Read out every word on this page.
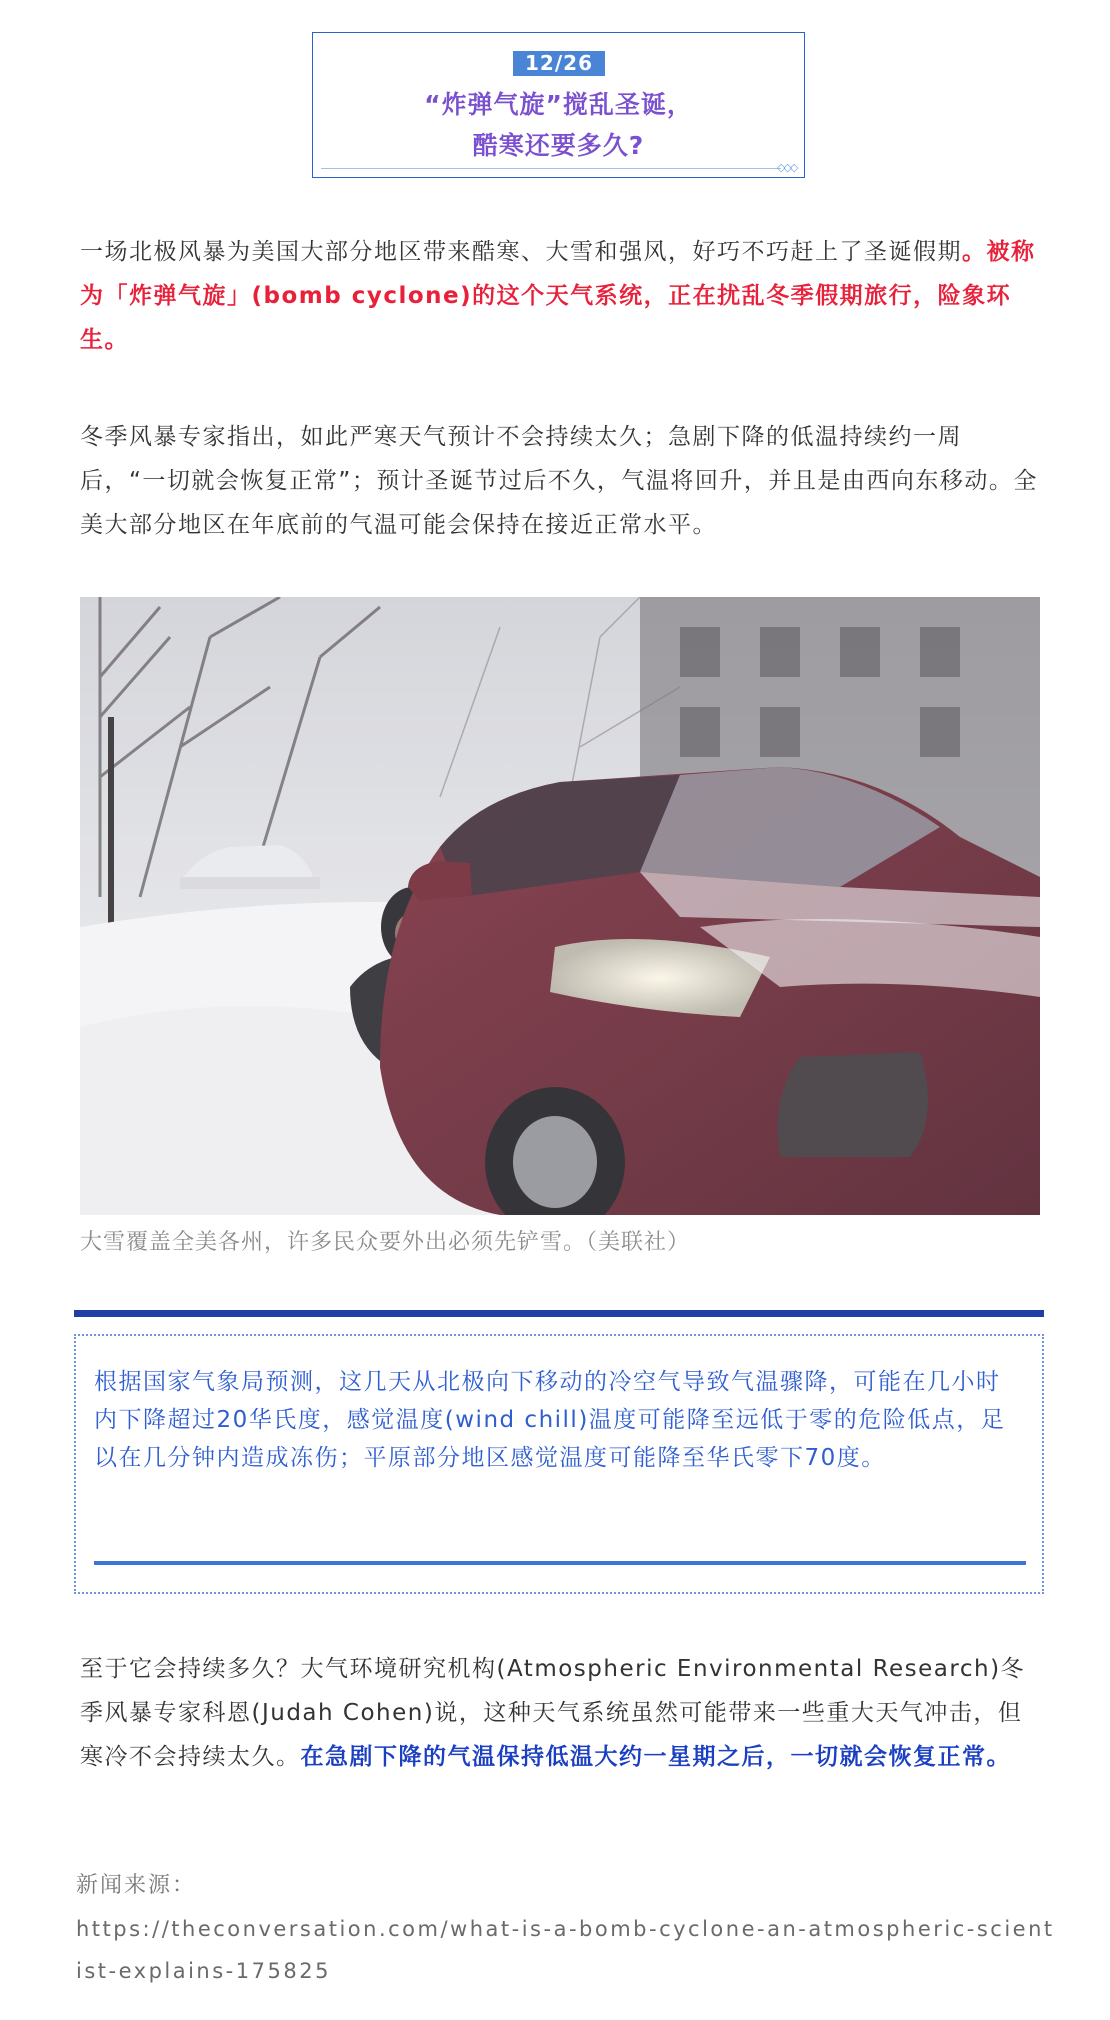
12/26
“炸弹气旋”搅乱圣诞，
酷寒还要多久?
◇◇◇

一场北极风暴为美国大部分地区带来酷寒、大雪和强风，好巧不巧赶上了圣诞假期。被称为「炸弹气旋」(bomb cyclone)的这个天气系统，正在扰乱冬季假期旅行，险象环生。

冬季风暴专家指出，如此严寒天气预计不会持续太久；急剧下降的低温持续约一周后，“一切就会恢复正常”；预计圣诞节过后不久，气温将回升，并且是由西向东移动。全美大部分地区在年底前的气温可能会保持在接近正常水平。

大雪覆盖全美各州，许多民众要外出必须先铲雪。（美联社）

根据国家气象局预测，这几天从北极向下移动的冷空气导致气温骤降，可能在几小时内下降超过20华氏度，感觉温度(wind chill)温度可能降至远低于零的危险低点，足以在几分钟内造成冻伤；平原部分地区感觉温度可能降至华氏零下70度。

至于它会持续多久？大气环境研究机构(Atmospheric Environmental Research)冬季风暴专家科恩(Judah Cohen)说，这种天气系统虽然可能带来一些重大天气冲击，但寒冷不会持续太久。在急剧下降的气温保持低温大约一星期之后，一切就会恢复正常。

新闻来源：

https://theconversation.com/what-is-a-bomb-cyclone-an-atmospheric-scientist-explains-175825
